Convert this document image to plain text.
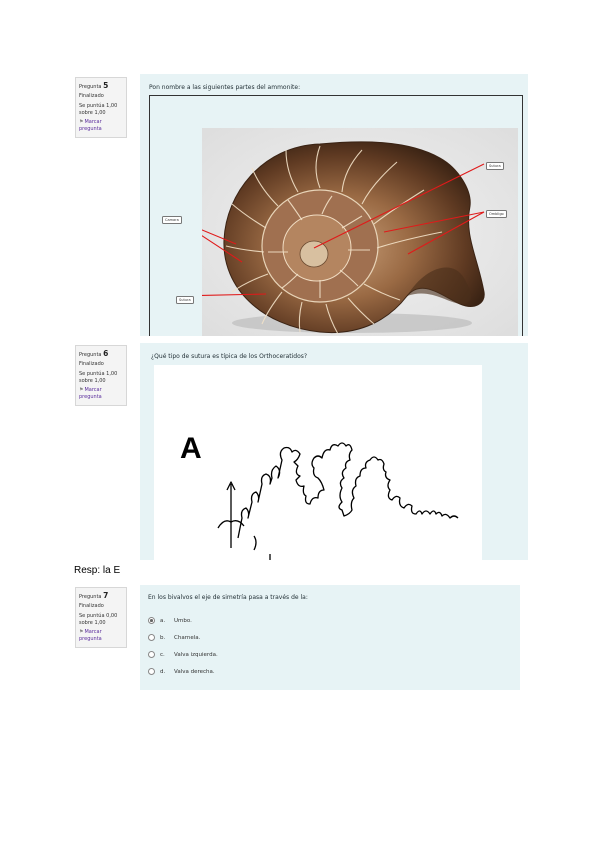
Pregunta 5
Finalizado
Se puntúa 1,00
sobre 1,00
⚑Marcar
pregunta
Pon nombre a las siguientes partes del ammonite:
Camara
Sutura
Sutura
Ombligo
Pregunta 6
Finalizado
Se puntúa 1,00
sobre 1,00
⚑Marcar
pregunta
¿Qué tipo de sutura es típica de los Orthoceratidos?
A
Resp: la E
Pregunta 7
Finalizado
Se puntúa 0,00
sobre 1,00
⚑Marcar
pregunta
En los bivalvos el eje de simetría pasa a través de la:
a.	Umbo.
b.	Charnela.
c.	Valva izquierda.
d.	Valva derecha.
